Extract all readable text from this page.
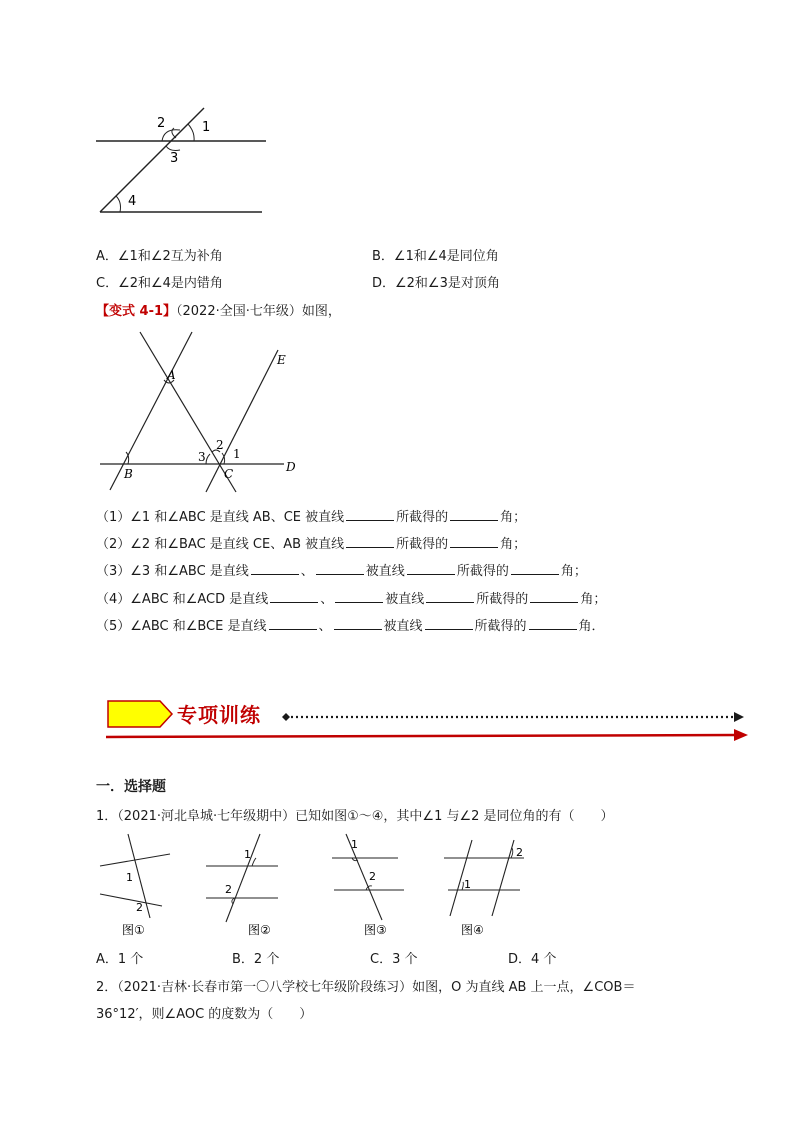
2	1
3
4
A．∠1和∠2互为补角	B．∠1和∠4是同位角
C．∠2和∠4是内错角	D．∠2和∠3是对顶角
【变式 4-1】（2022·全国·七年级）如图，
A
E
B	C	D
2
1
3
（1）∠1 和∠ABC 是直线 AB、CE 被直线	所截得的	角；
（2）∠2 和∠BAC 是直线 CE、AB 被直线	所截得的	角；
（3）∠3 和∠ABC 是直线	、	被直线	所截得的	角；
（4）∠ABC 和∠ACD 是直线	、	被直线	所截得的	角；
（5）∠ABC 和∠BCE 是直线	、	被直线	所截得的	角．
专项训练
一．选择题
1．（2021·河北阜城·七年级期中）已知如图①～④，其中∠1 与∠2 是同位角的有（　　）
1
2
1
2
1
2
2
1
图①	图②	图③	图④
A．1 个	B．2 个	C．3 个	D．4 个
2．（2021·吉林·长春市第一〇八学校七年级阶段练习）如图，O 为直线 AB 上一点，∠COB＝
36°12′，则∠AOC 的度数为（　　）
